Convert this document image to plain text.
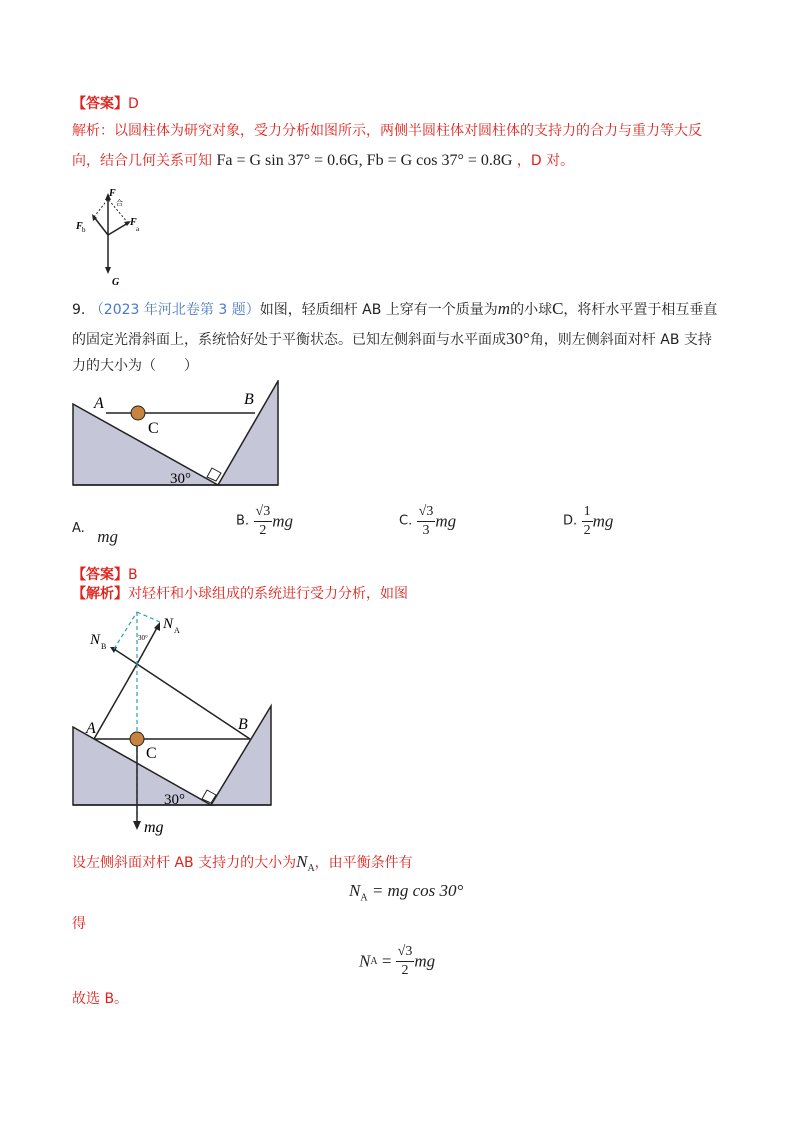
【答案】D
解析：以圆柱体为研究对象，受力分析如图所示，两侧半圆柱体对圆柱体的支持力的合力与重力等大反
向，结合几何关系可知 Fa = G sin 37° = 0.6G, Fb = G cos 37° = 0.8G ，D 对。
F
合
F b
F
a
G
9. （2023 年河北卷第 3 题）如图，轻质细杆 AB 上穿有一个质量为m的小球C，将杆水平置于相互垂直
的固定光滑斜面上，系统恰好处于平衡状态。已知左侧斜面与水平面成30°角，则左侧斜面对杆 AB 支持
力的大小为（　　）
A	B
C
30°
A. mg
B. $\frac{√3}{2}$ mg	C. $\frac{√3}{3}$ mg	D. $\frac{1}{2}$ mg
【答案】B
【解析】对轻杆和小球组成的系统进行受力分析，如图
N B
N A
30°
A	B
C
30°
mg
设左侧斜面对杆 AB 支持力的大小为$N_A$，由平衡条件有
$N_A$ = mg cos 30°
得
NA = $\frac{√3}{2}$ mg
故选 B。
